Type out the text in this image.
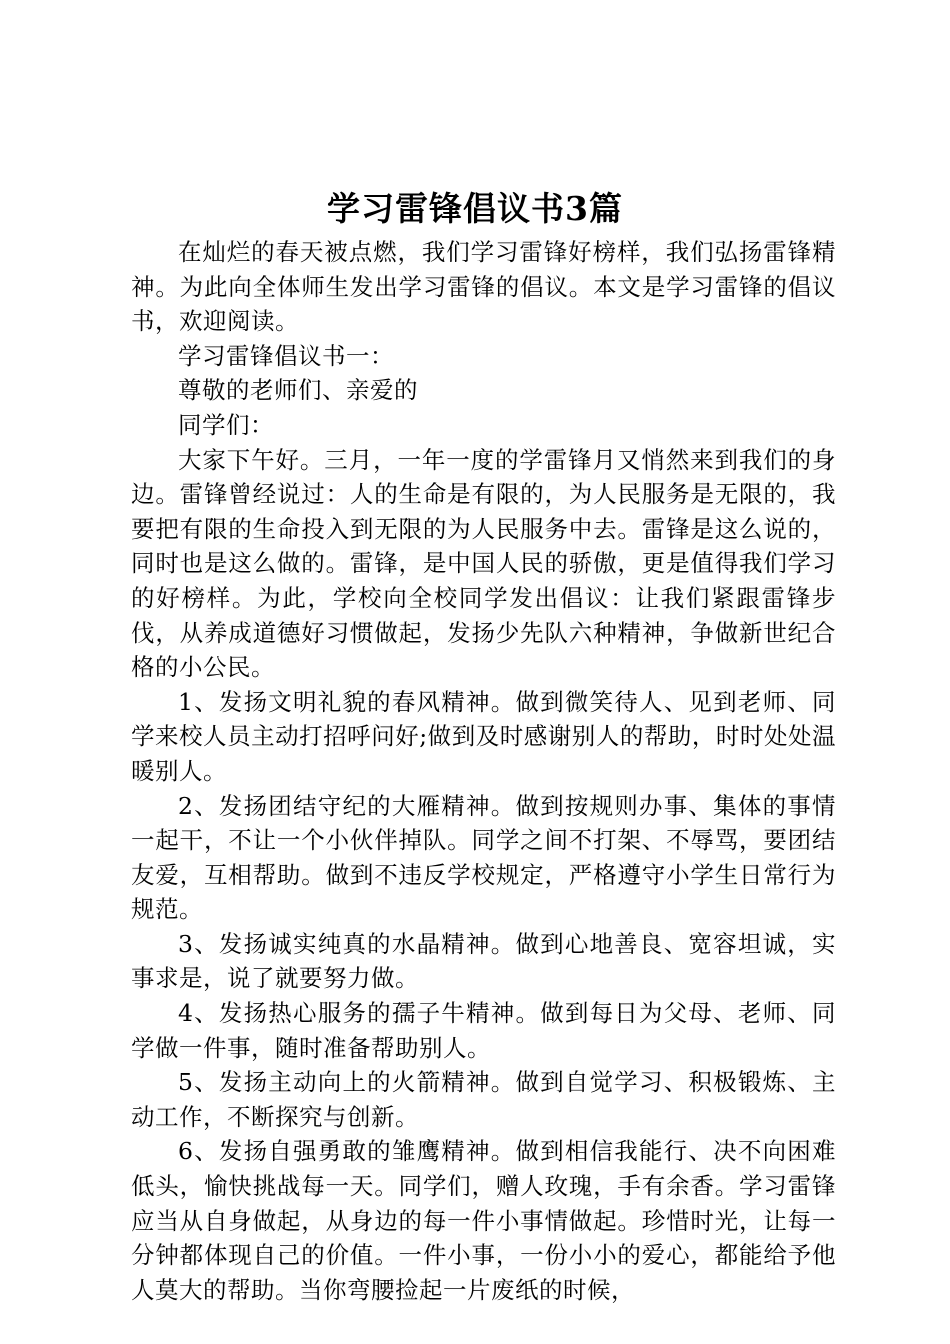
学习雷锋倡议书3篇

在灿烂的春天被点燃，我们学习雷锋好榜样，我们弘扬雷锋精神。为此向全体师生发出学习雷锋的倡议。本文是学习雷锋的倡议书，欢迎阅读。

学习雷锋倡议书一：

尊敬的老师们、亲爱的

同学们：

大家下午好。三月，一年一度的学雷锋月又悄然来到我们的身边。雷锋曾经说过：人的生命是有限的，为人民服务是无限的，我要把有限的生命投入到无限的为人民服务中去。雷锋是这么说的，同时也是这么做的。雷锋，是中国人民的骄傲，更是值得我们学习的好榜样。为此，学校向全校同学发出倡议：让我们紧跟雷锋步伐，从养成道德好习惯做起，发扬少先队六种精神，争做新世纪合格的小公民。

1、发扬文明礼貌的春风精神。做到微笑待人、见到老师、同学来校人员主动打招呼问好;做到及时感谢别人的帮助，时时处处温暖别人。

2、发扬团结守纪的大雁精神。做到按规则办事、集体的事情一起干，不让一个小伙伴掉队。同学之间不打架、不辱骂，要团结友爱，互相帮助。做到不违反学校规定，严格遵守小学生日常行为规范。

3、发扬诚实纯真的水晶精神。做到心地善良、宽容坦诚，实事求是，说了就要努力做。

4、发扬热心服务的孺子牛精神。做到每日为父母、老师、同学做一件事，随时准备帮助别人。

5、发扬主动向上的火箭精神。做到自觉学习、积极锻炼、主动工作，不断探究与创新。

6、发扬自强勇敢的雏鹰精神。做到相信我能行、决不向困难低头，愉快挑战每一天。同学们，赠人玫瑰，手有余香。学习雷锋应当从自身做起，从身边的每一件小事情做起。珍惜时光，让每一分钟都体现自己的价值。一件小事，一份小小的爱心，都能给予他人莫大的帮助。当你弯腰捡起一片废纸的时候，
